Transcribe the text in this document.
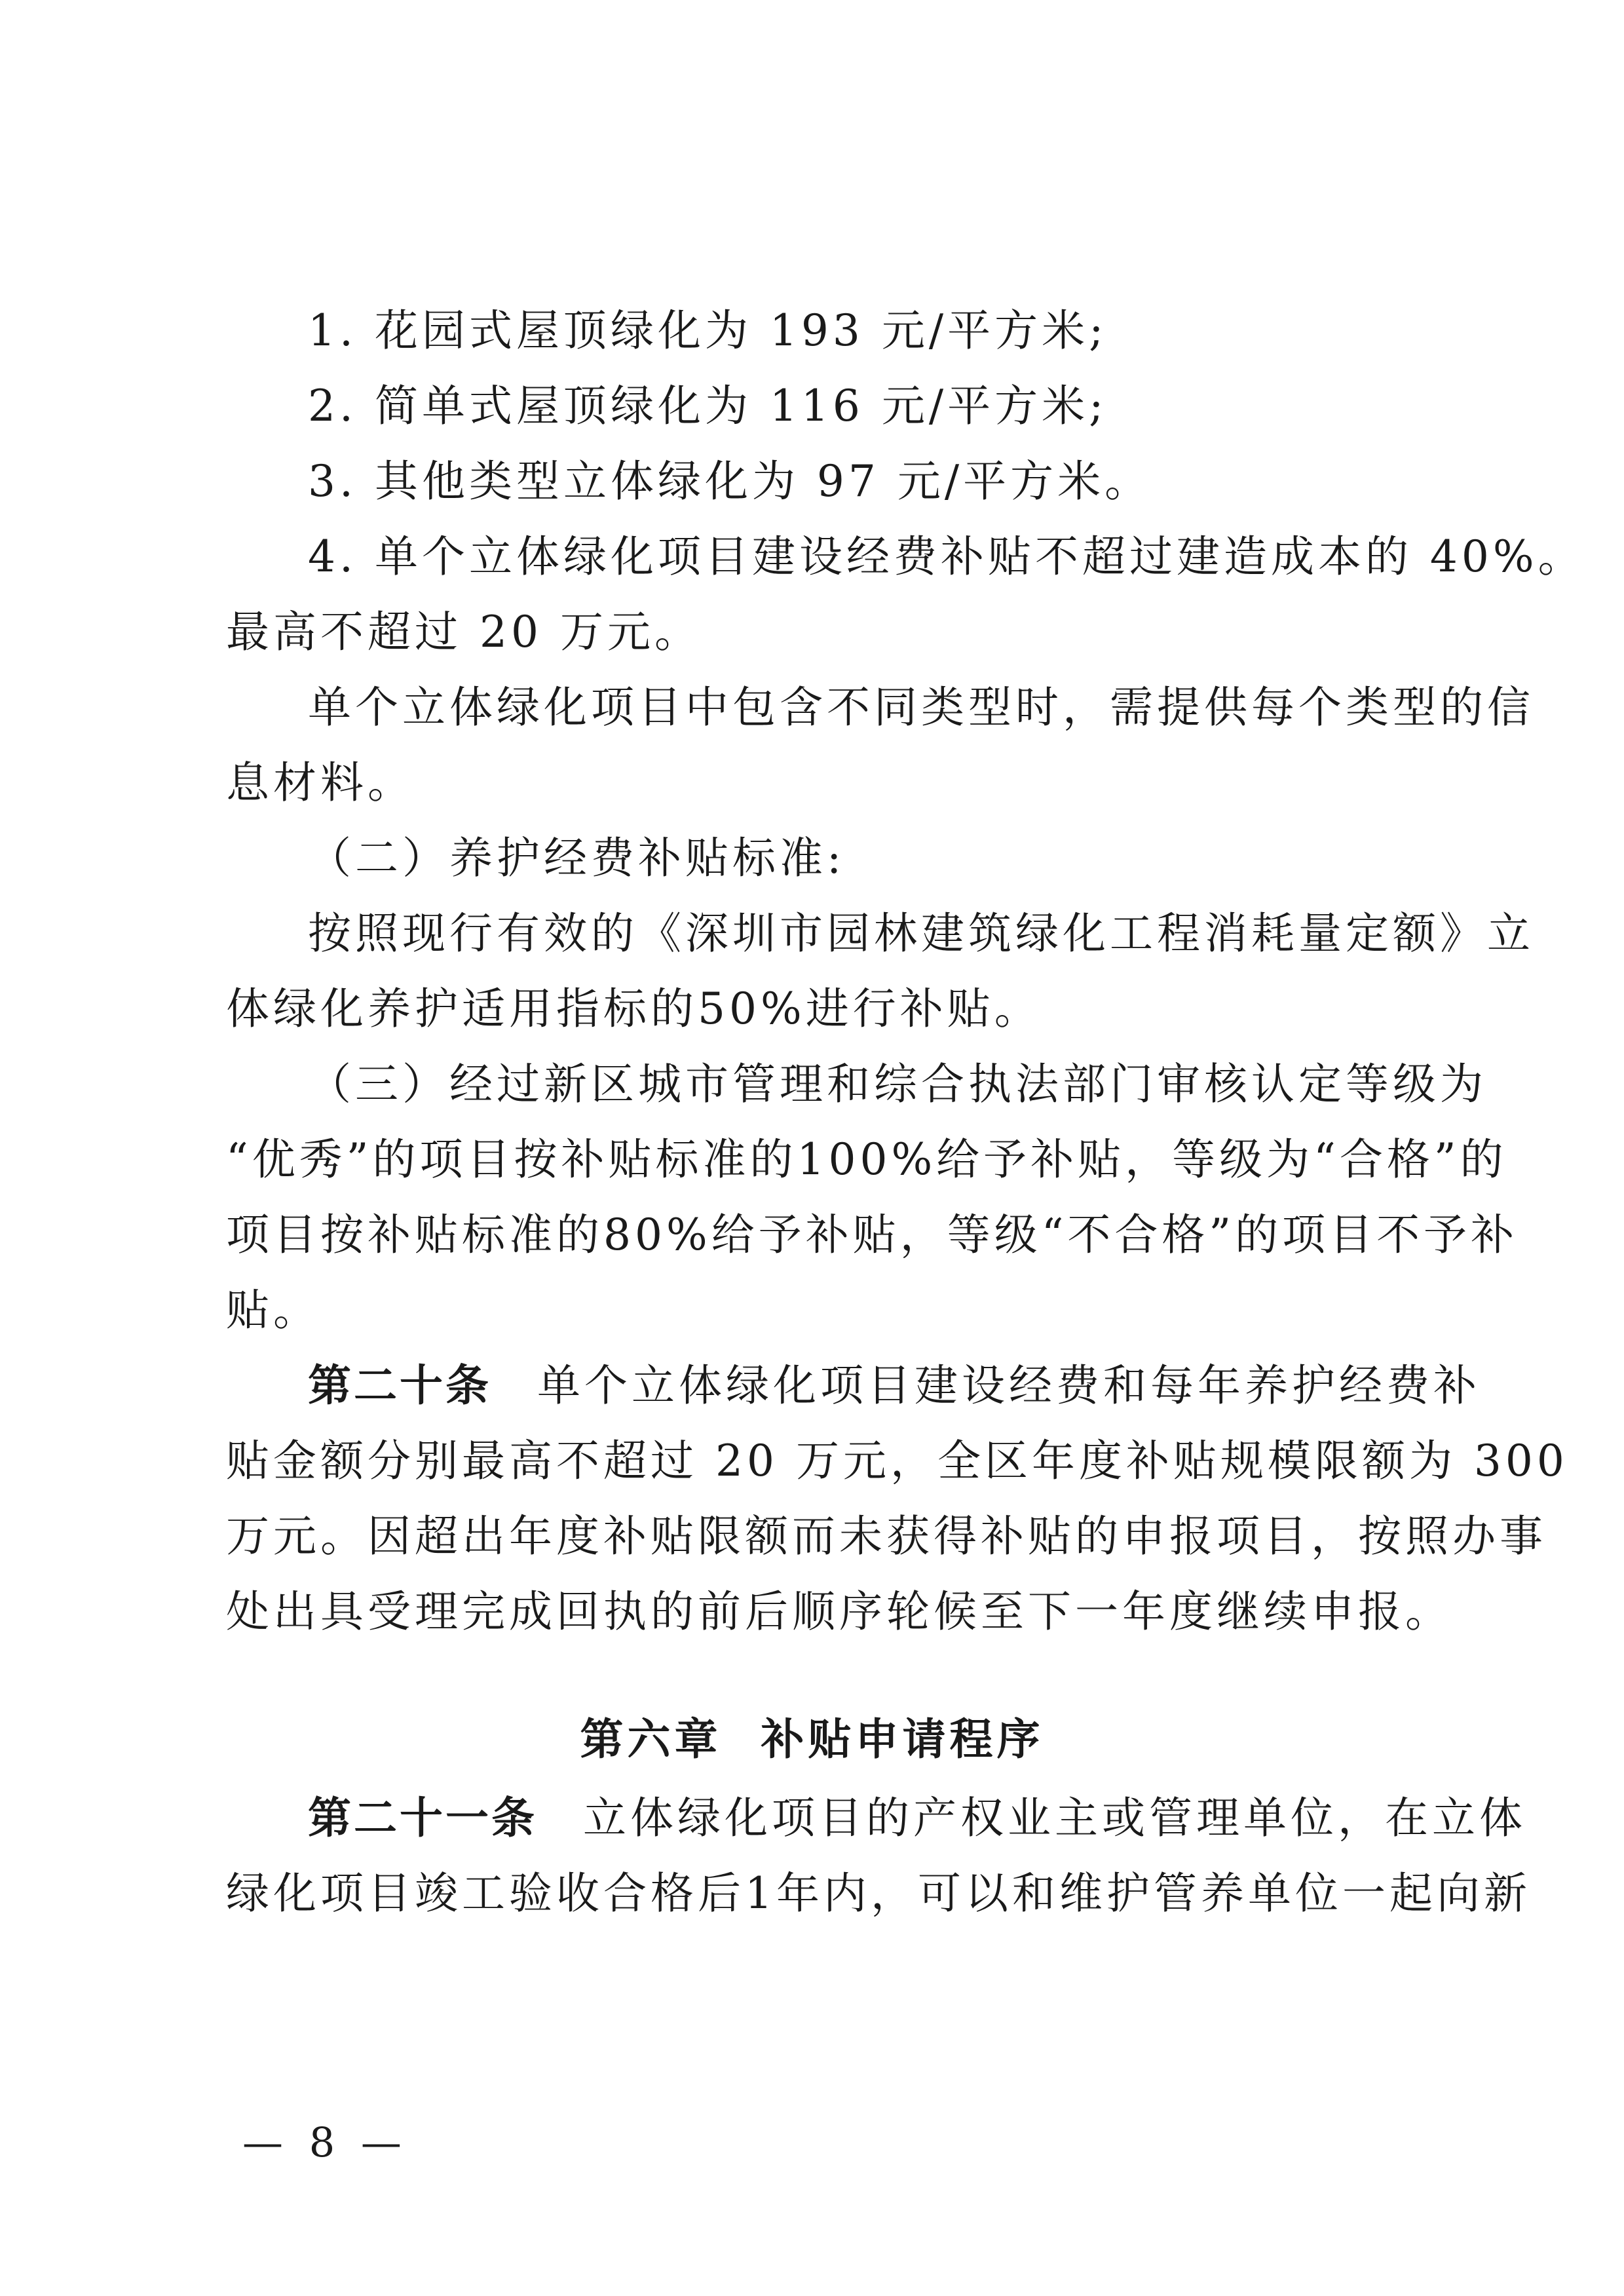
1. 花园式屋顶绿化为 193 元/平方米;
2. 简单式屋顶绿化为 116 元/平方米;
3. 其他类型立体绿化为 97 元/平方米。
4. 单个立体绿化项目建设经费补贴不超过建造成本的 40%。
最高不超过 20 万元。
单个立体绿化项目中包含不同类型时，需提供每个类型的信
息材料。
（二）养护经费补贴标准:
按照现行有效的《深圳市园林建筑绿化工程消耗量定额》立
体绿化养护适用指标的50%进行补贴。
（三）经过新区城市管理和综合执法部门审核认定等级为
“优秀”的项目按补贴标准的100%给予补贴，等级为“合格”的
项目按补贴标准的80%给予补贴，等级“不合格”的项目不予补
贴。
第二十条 单个立体绿化项目建设经费和每年养护经费补
贴金额分别最高不超过 20 万元，全区年度补贴规模限额为 300
万元。因超出年度补贴限额而未获得补贴的申报项目，按照办事
处出具受理完成回执的前后顺序轮候至下一年度继续申报。
第六章 补贴申请程序
第二十一条 立体绿化项目的产权业主或管理单位，在立体
绿化项目竣工验收合格后1年内，可以和维护管养单位一起向新
— 8 —
